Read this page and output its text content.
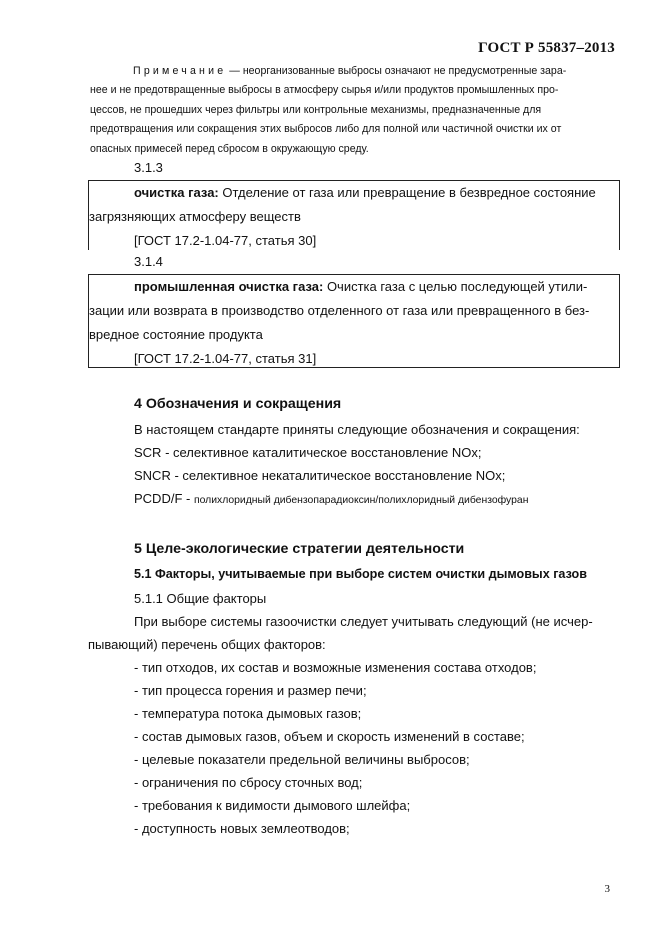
ГОСТ Р 55837–2013

Примечание — неорганизованные выбросы означают не предусмотренные зара-

нее и не предотвращенные выбросы в атмосферу сырья и/или продуктов промышленных про-

цессов, не прошедших через фильтры или контрольные механизмы, предназначенные для

предотвращения или сокращения этих выбросов либо для полной или частичной очистки их от

опасных примесей перед сбросом в окружающую среду.

3.1.3
очистка газа: Отделение от газа или превращение в безвредное состояние
загрязняющих атмосферу веществ
[ГОСТ 17.2-1.04-77, статья 30]
3.1.4
промышленная очистка газа: Очистка газа с целью последующей утили-
зации или возврата в производство отделенного от газа или превращенного в без-
вредное состояние продукта
[ГОСТ 17.2-1.04-77, статья 31]
4 Обозначения и сокращения
В настоящем стандарте приняты следующие обозначения и сокращения:
SCR - селективное каталитическое восстановление NOx;
SNCR - селективное некаталитическое восстановление NOx;
PCDD/F - полихлоридный дибензопарадиоксин/полихлоридный дибензофуран
5 Целе-экологические стратегии деятельности
5.1 Факторы, учитываемые при выборе систем очистки дымовых газов
5.1.1 Общие факторы

При выборе системы газоочистки следует учитывать следующий (не исчер-

пывающий) перечень общих факторов:

- тип отходов, их состав и возможные изменения состава отходов;
- тип процесса горения и размер печи;
- температура потока дымовых газов;
- состав дымовых газов, объем и скорость изменений в составе;
- целевые показатели предельной величины выбросов;
- ограничения по сбросу сточных вод;
- требования к видимости дымового шлейфа;
- доступность новых землеотводов;
3
